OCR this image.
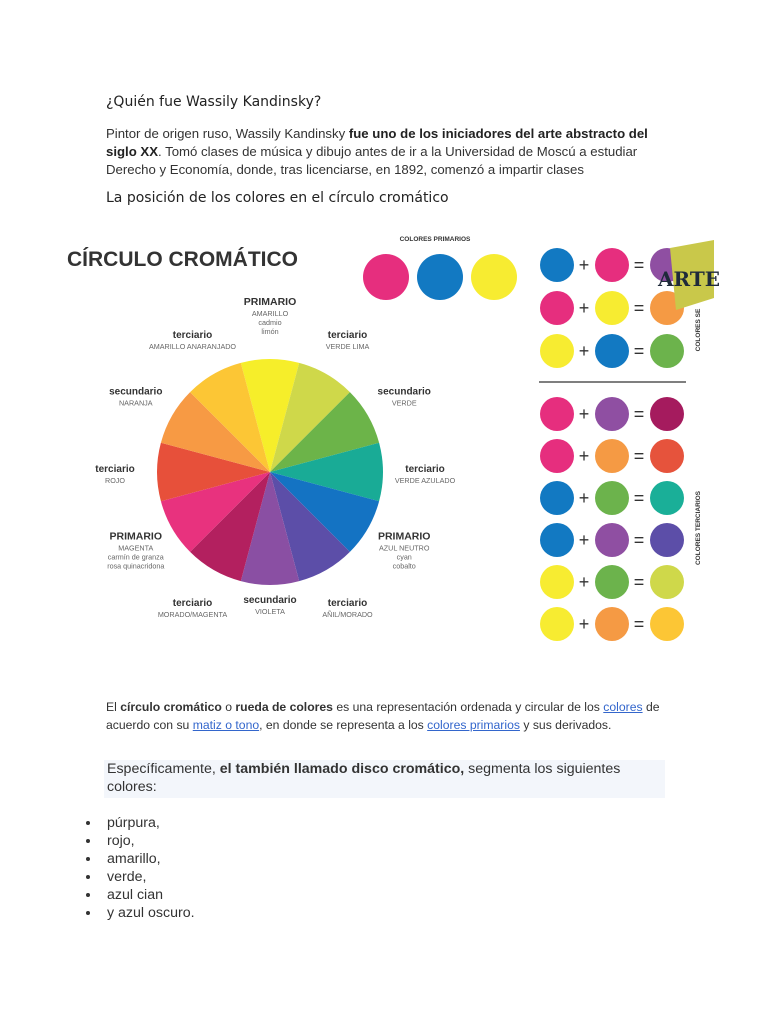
¿Quién fue Wassily Kandinsky?
Pintor de origen ruso, Wassily Kandinsky fue uno de los iniciadores del arte abstracto del siglo XX. Tomó clases de música y dibujo antes de ir a la Universidad de Moscú a estudiar Derecho y Economía, donde, tras licenciarse, en 1892, comenzó a impartir clases
La posición de los colores en el círculo cromático
CÍRCULO CROMÁTICO
PRIMARIO
AMARILLO
cadmio
limón	terciario
VERDE LIMA
secundario
VERDE
terciario
VERDE AZULADO
PRIMARIO
AZUL NEUTRO
cyan
cobalto
terciario
AÑIL/MORADO
secundario
VIOLETA
terciario
MORADO/MAGENTA
PRIMARIO
MAGENTA
carmín de granza
rosa quinacridona
terciario
ROJO
secundario
NARANJA
terciario
AMARILLO ANARANJADO
COLORES PRIMARIOS
+ =
+ =
+ =
+ =
+ =
+ =
+ =
+ =
+ =
COLORES SE
COLORES TERCIARIOS
ARTE
El círculo cromático o rueda de colores es una representación ordenada y circular de los colores de acuerdo con su matiz o tono, en donde se representa a los colores primarios y sus derivados.
Específicamente, el también llamado disco cromático, segmenta los siguientes colores:
púrpura,
rojo,
amarillo,
verde,
azul cian
y azul oscuro.
